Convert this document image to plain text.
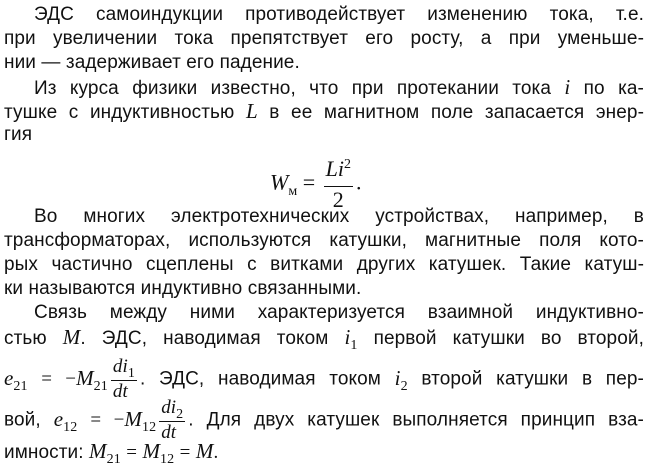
ЭДС самоиндукции противодействует изменению тока, т.е.
при увеличении тока препятствует его росту, а при уменьше-
нии — задерживает его падение.
Из курса физики известно, что при протекании тока i по ка-
тушке с индуктивностью L в ее магнитном поле запасается энер-
гия
$W_м = \frac{Li^2}{2}$ .
Во многих электротехнических устройствах, например, в
трансформаторах, используются катушки, магнитные поля кото-
рых частично сцеплены с витками других катушек. Такие катуш-
ки называются индуктивно связанными.
Связь между ними характеризуется взаимной индуктивно-
стью M. ЭДС, наводимая током $i_1$ первой катушки во второй,
$e_{21} = -M_{21} \frac{di_1}{dt}$ . ЭДС, наводимая током $i_2$ второй катушки в пер-
вой, $e_{12} = -M_{12} \frac{di_2}{dt}$ . Для двух катушек выполняется принцип вза-
имности: $M_{21} = M_{12} = M$.
